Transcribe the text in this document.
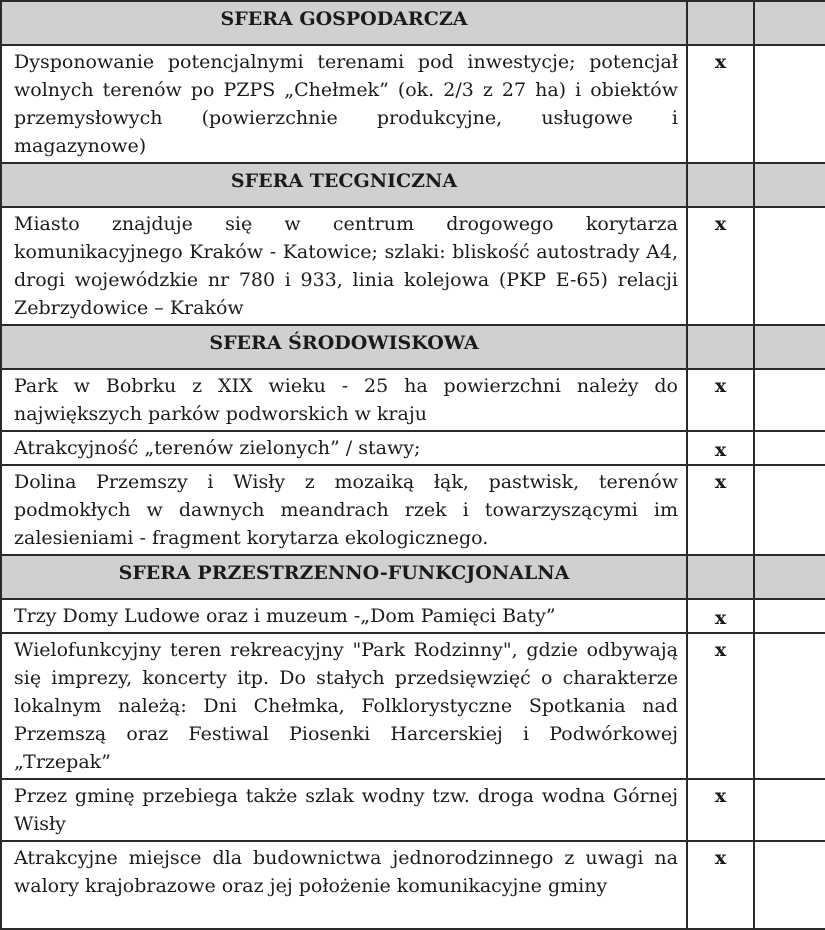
SFERA GOSPODARCZA		
Dysponowanie potencjalnymi terenami pod inwestycje; potencjał wolnych terenów po PZPS „Chełmek” (ok. 2/3 z 27 ha) i obiektów przemysłowych (powierzchnie produkcyjne, usługowe i magazynowe)	x	
SFERA TECGNICZNA		
Miasto znajduje się w centrum drogowego korytarza komunikacyjnego Kraków - Katowice; szlaki: bliskość autostrady A4, drogi wojewódzkie nr 780 i 933, linia kolejowa (PKP E-65) relacji Zebrzydowice – Kraków	x	
SFERA ŚRODOWISKOWA		
Park w Bobrku z XIX wieku - 25 ha powierzchni należy do największych parków podworskich w kraju	x	
Atrakcyjność „terenów zielonych” / stawy;	x	
Dolina Przemszy i Wisły z mozaiką łąk, pastwisk, terenów podmokłych w dawnych meandrach rzek i towarzyszącymi im zalesieniami - fragment korytarza ekologicznego.	x	
SFERA PRZESTRZENNO-FUNKCJONALNA		
Trzy Domy Ludowe oraz i muzeum -„Dom Pamięci Baty”	x	
Wielofunkcyjny teren rekreacyjny "Park Rodzinny", gdzie odbywają się imprezy, koncerty itp. Do stałych przedsięwzięć o charakterze lokalnym należą: Dni Chełmka, Folklorystyczne Spotkania nad Przemszą oraz Festiwal Piosenki Harcerskiej i Podwórkowej „Trzepak”	x	
Przez gminę przebiega także szlak wodny tzw. droga wodna Górnej Wisły	x	
Atrakcyjne miejsce dla budownictwa jednorodzinnego z uwagi na walory krajobrazowe oraz jej położenie komunikacyjne gminy	x	
